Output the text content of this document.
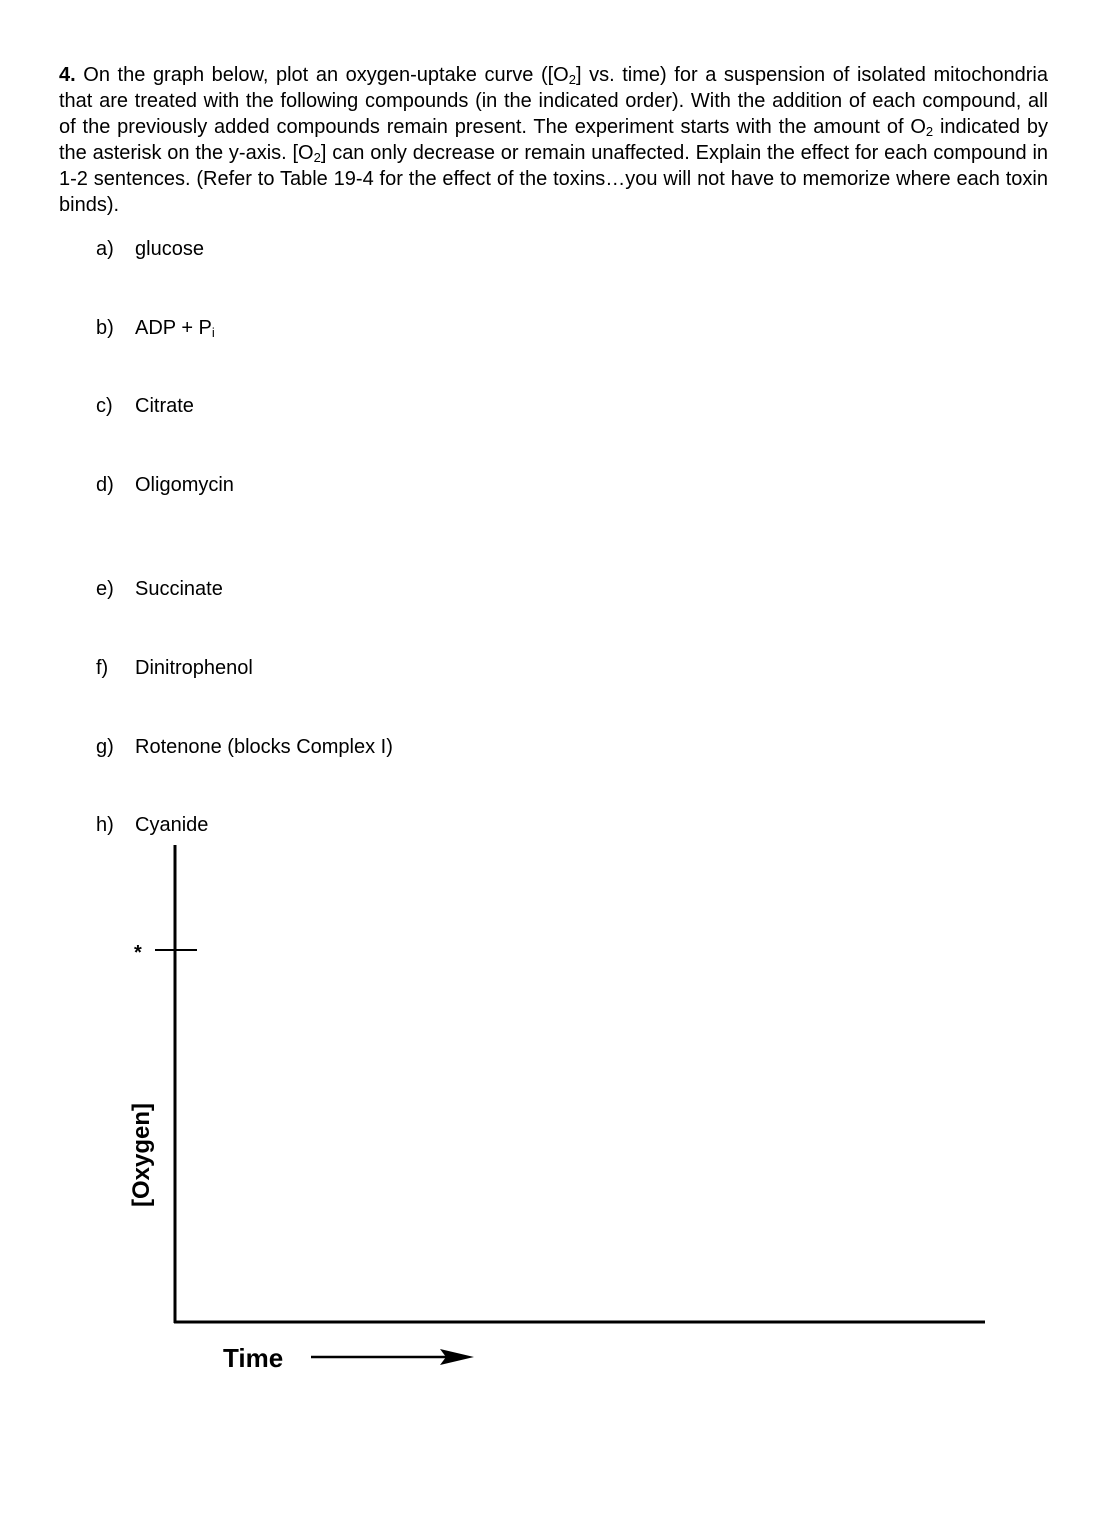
4. On the graph below, plot an oxygen-uptake curve ($[O_2]$ vs. time) for a suspension of isolated mitochondria that are treated with the following compounds (in the indicated order). With the addition of each compound, all of the previously added compounds remain present. The experiment starts with the amount of $O_2$ indicated by the asterisk on the y-axis. $[O_2]$ can only decrease or remain unaffected. Explain the effect for each compound in 1-2 sentences. (Refer to Table 19-4 for the effect of the toxins…you will not have to memorize where each toxin binds).

a) glucose
b) ADP + $P_i$
c) Citrate
d) Oligomycin
e) Succinate
f) Dinitrophenol
g) Rotenone (blocks Complex I)
h) Cyanide
*
[Oxygen]
Time
